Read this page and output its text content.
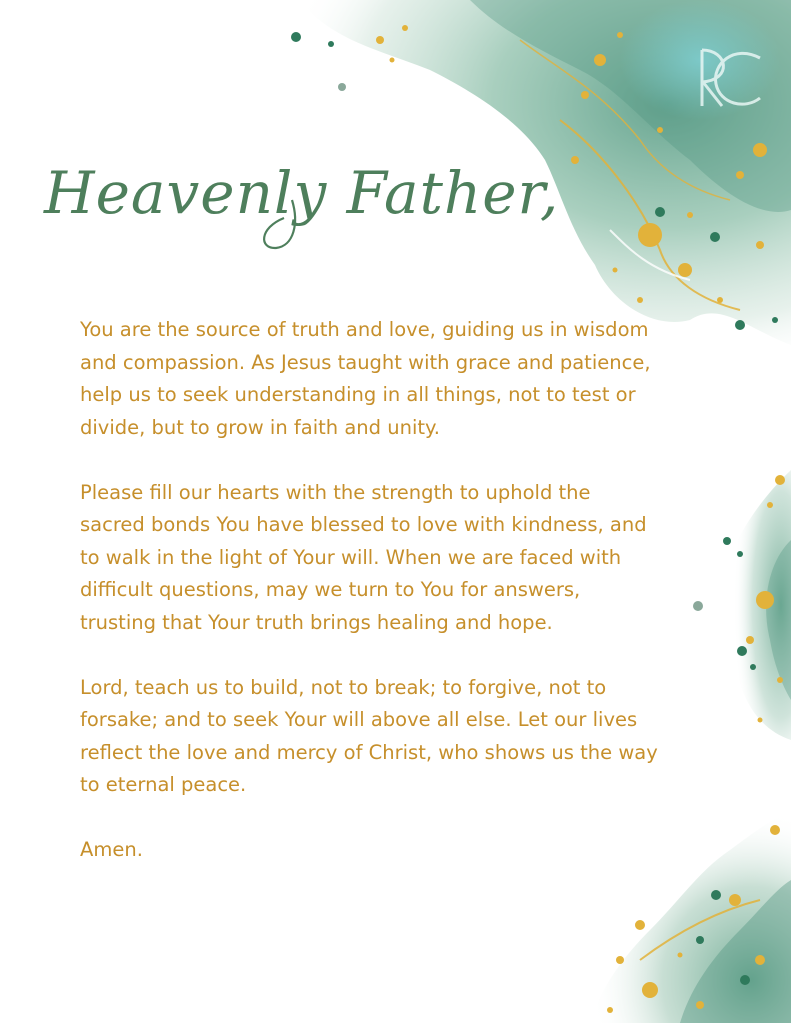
Heavenly Father,

You are the source of truth and love, guiding us in wisdom and compassion. As Jesus taught with grace and patience, help us to seek understanding in all things, not to test or divide, but to grow in faith and unity.

Please fill our hearts with the strength to uphold the sacred bonds You have blessed to love with kindness, and to walk in the light of Your will. When we are faced with difficult questions, may we turn to You for answers, trusting that Your truth brings healing and hope.

Lord, teach us to build, not to break; to forgive, not to forsake; and to seek Your will above all else. Let our lives reflect the love and mercy of Christ, who shows us the way to eternal peace.

Amen.
